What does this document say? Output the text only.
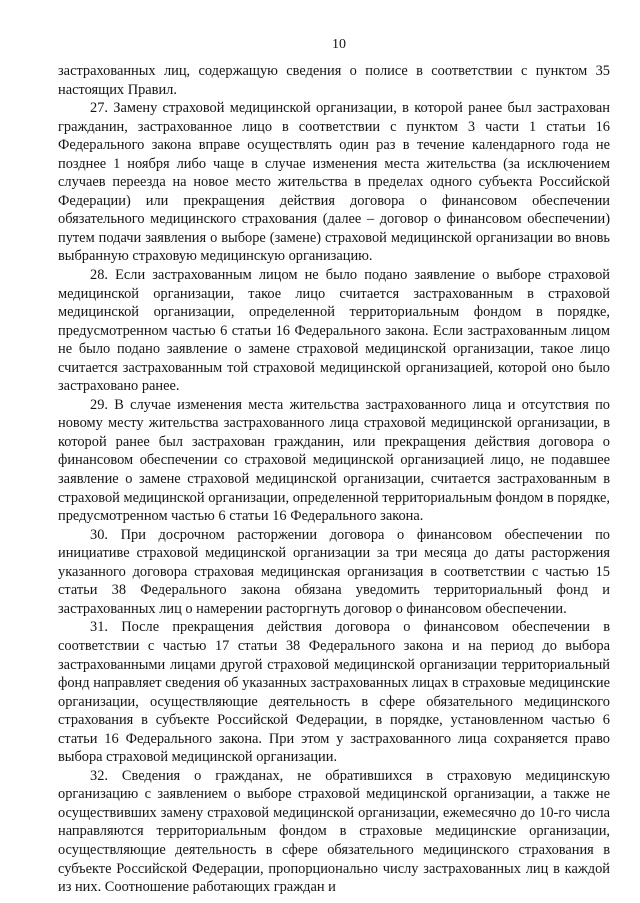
10

застрахованных лиц, содержащую сведения о полисе в соответствии с пунктом 35 настоящих Правил.

27. Замену страховой медицинской организации, в которой ранее был застрахован гражданин, застрахованное лицо в соответствии с пунктом 3 части 1 статьи 16 Федерального закона вправе осуществлять один раз в течение календарного года не позднее 1 ноября либо чаще в случае изменения места жительства (за исключением случаев переезда на новое место жительства в пределах одного субъекта Российской Федерации) или прекращения действия договора о финансовом обеспечении обязательного медицинского страхования (далее – договор о финансовом обеспечении) путем подачи заявления о выборе (замене) страховой медицинской организации во вновь выбранную страховую медицинскую организацию.

28. Если застрахованным лицом не было подано заявление о выборе страховой медицинской организации, такое лицо считается застрахованным в страховой медицинской организации, определенной территориальным фондом в порядке, предусмотренном частью 6 статьи 16 Федерального закона. Если застрахованным лицом не было подано заявление о замене страховой медицинской организации, такое лицо считается застрахованным той страховой медицинской организацией, которой оно было застраховано ранее.

29. В случае изменения места жительства застрахованного лица и отсутствия по новому месту жительства застрахованного лица страховой медицинской организации, в которой ранее был застрахован гражданин, или прекращения действия договора о финансовом обеспечении со страховой медицинской организацией лицо, не подавшее заявление о замене страховой медицинской организации, считается застрахованным в страховой медицинской организации, определенной территориальным фондом в порядке, предусмотренном частью 6 статьи 16 Федерального закона.

30. При досрочном расторжении договора о финансовом обеспечении по инициативе страховой медицинской организации за три месяца до даты расторжения указанного договора страховая медицинская организация в соответствии с частью 15 статьи 38 Федерального закона обязана уведомить территориальный фонд и застрахованных лиц о намерении расторгнуть договор о финансовом обеспечении.

31. После прекращения действия договора о финансовом обеспечении в соответствии с частью 17 статьи 38 Федерального закона и на период до выбора застрахованными лицами другой страховой медицинской организации территориальный фонд направляет сведения об указанных застрахованных лицах в страховые медицинские организации, осуществляющие деятельность в сфере обязательного медицинского страхования в субъекте Российской Федерации, в порядке, установленном частью 6 статьи 16 Федерального закона. При этом у застрахованного лица сохраняется право выбора страховой медицинской организации.

32. Сведения о гражданах, не обратившихся в страховую медицинскую организацию с заявлением о выборе страховой медицинской организации, а также не осуществивших замену страховой медицинской организации, ежемесячно до 10-го числа направляются территориальным фондом в страховые медицинские организации, осуществляющие деятельность в сфере обязательного медицинского страхования в субъекте Российской Федерации, пропорционально числу застрахованных лиц в каждой из них. Соотношение работающих граждан и
